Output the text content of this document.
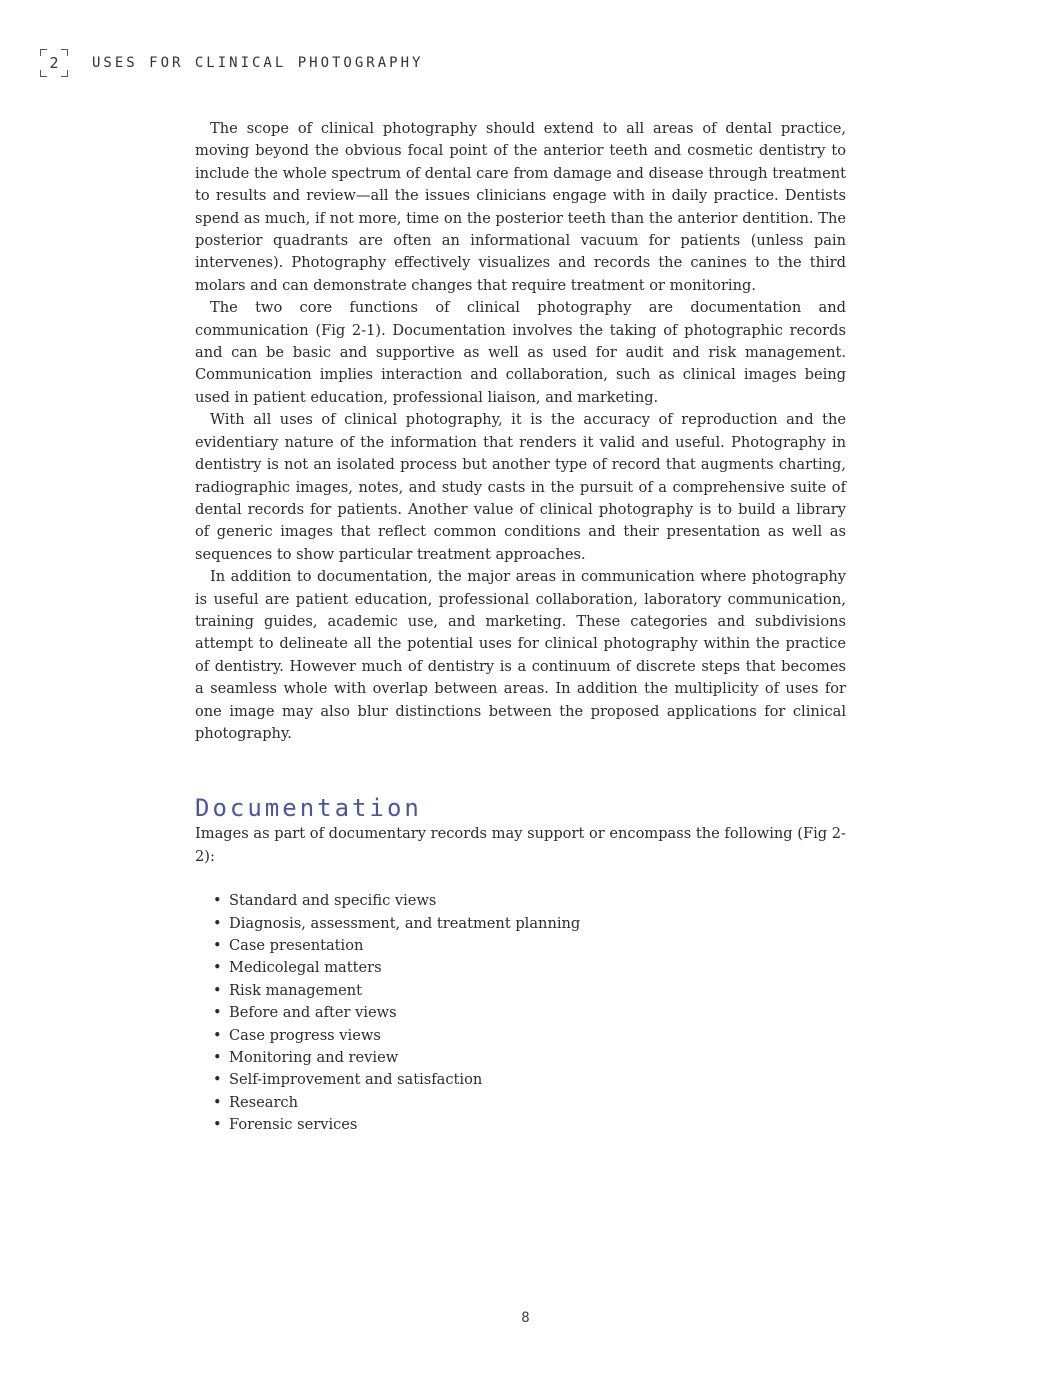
2 USES FOR CLINICAL PHOTOGRAPHY

The scope of clinical photography should extend to all areas of dental practice, moving beyond the obvious focal point of the anterior teeth and cosmetic dentistry to include the whole spectrum of dental care from damage and disease through treatment to results and review—all the issues clinicians engage with in daily practice. Dentists spend as much, if not more, time on the posterior teeth than the anterior dentition. The posterior quadrants are often an informational vacuum for patients (unless pain intervenes). Photography effectively visualizes and records the canines to the third molars and can demonstrate changes that require treatment or monitoring.

The two core functions of clinical photography are documentation and communication (Fig 2-1). Documentation involves the taking of photographic records and can be basic and supportive as well as used for audit and risk management. Communication implies interaction and collaboration, such as clinical images being used in patient education, professional liaison, and marketing.

With all uses of clinical photography, it is the accuracy of reproduction and the evidentiary nature of the information that renders it valid and useful. Photography in dentistry is not an isolated process but another type of record that augments charting, radiographic images, notes, and study casts in the pursuit of a comprehensive suite of dental records for patients. Another value of clinical photography is to build a library of generic images that reflect common conditions and their presentation as well as sequences to show particular treatment approaches.

In addition to documentation, the major areas in communication where photography is useful are patient education, professional collaboration, laboratory communication, training guides, academic use, and marketing. These categories and subdivisions attempt to delineate all the potential uses for clinical photography within the practice of dentistry. However much of dentistry is a continuum of discrete steps that becomes a seamless whole with overlap between areas. In addition the multiplicity of uses for one image may also blur distinctions between the proposed applications for clinical photography.

Documentation

Images as part of documentary records may support or encompass the following (Fig 2-2):

• Standard and specific views
• Diagnosis, assessment, and treatment planning
• Case presentation
• Medicolegal matters
• Risk management
• Before and after views
• Case progress views
• Monitoring and review
• Self-improvement and satisfaction
• Research
• Forensic services
8
